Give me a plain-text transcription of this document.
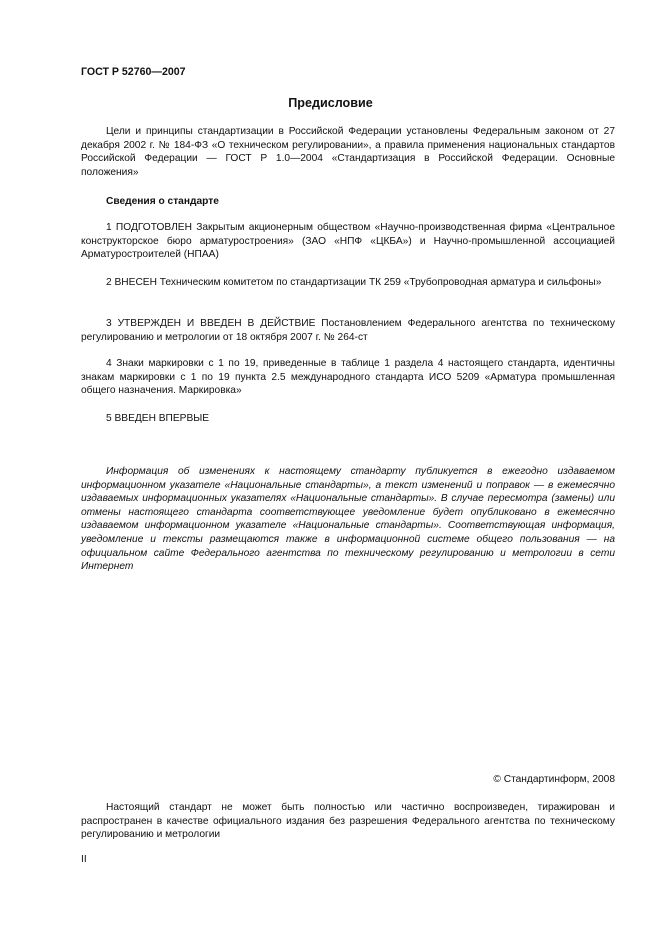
ГОСТ Р 52760—2007
Предисловие
Цели и принципы стандартизации в Российской Федерации установлены Федеральным законом от 27 декабря 2002 г. № 184-ФЗ «О техническом регулировании», а правила применения национальных стандартов Российской Федерации — ГОСТ Р 1.0—2004 «Стандартизация в Российской Федерации. Основные положения»
Сведения о стандарте
1 ПОДГОТОВЛЕН Закрытым акционерным обществом «Научно-производственная фирма «Центральное конструкторское бюро арматуростроения» (ЗАО «НПФ «ЦКБА») и Научно-промышленной ассоциацией Арматуростроителей (НПАА)
2 ВНЕСЕН Техническим комитетом по стандартизации ТК 259 «Трубопроводная арматура и сильфоны»
3 УТВЕРЖДЕН И ВВЕДЕН В ДЕЙСТВИЕ Постановлением Федерального агентства по техническому регулированию и метрологии от 18 октября 2007 г. № 264-ст
4 Знаки маркировки с 1 по 19, приведенные в таблице 1 раздела 4 настоящего стандарта, идентичны знакам маркировки с 1 по 19 пункта 2.5 международного стандарта ИСО 5209 «Арматура промышленная общего назначения. Маркировка»
5 ВВЕДЕН ВПЕРВЫЕ
Информация об изменениях к настоящему стандарту публикуется в ежегодно издаваемом информационном указателе «Национальные стандарты», а текст изменений и поправок — в ежемесячно издаваемых информационных указателях «Национальные стандарты». В случае пересмотра (замены) или отмены настоящего стандарта соответствующее уведомление будет опубликовано в ежемесячно издаваемом информационном указателе «Национальные стандарты». Соответствующая информация, уведомление и тексты размещаются также в информационной системе общего пользования — на официальном сайте Федерального агентства по техническому регулированию и метрологии в сети Интернет
© Стандартинформ, 2008
Настоящий стандарт не может быть полностью или частично воспроизведен, тиражирован и распространен в качестве официального издания без разрешения Федерального агентства по техническому регулированию и метрологии
II
